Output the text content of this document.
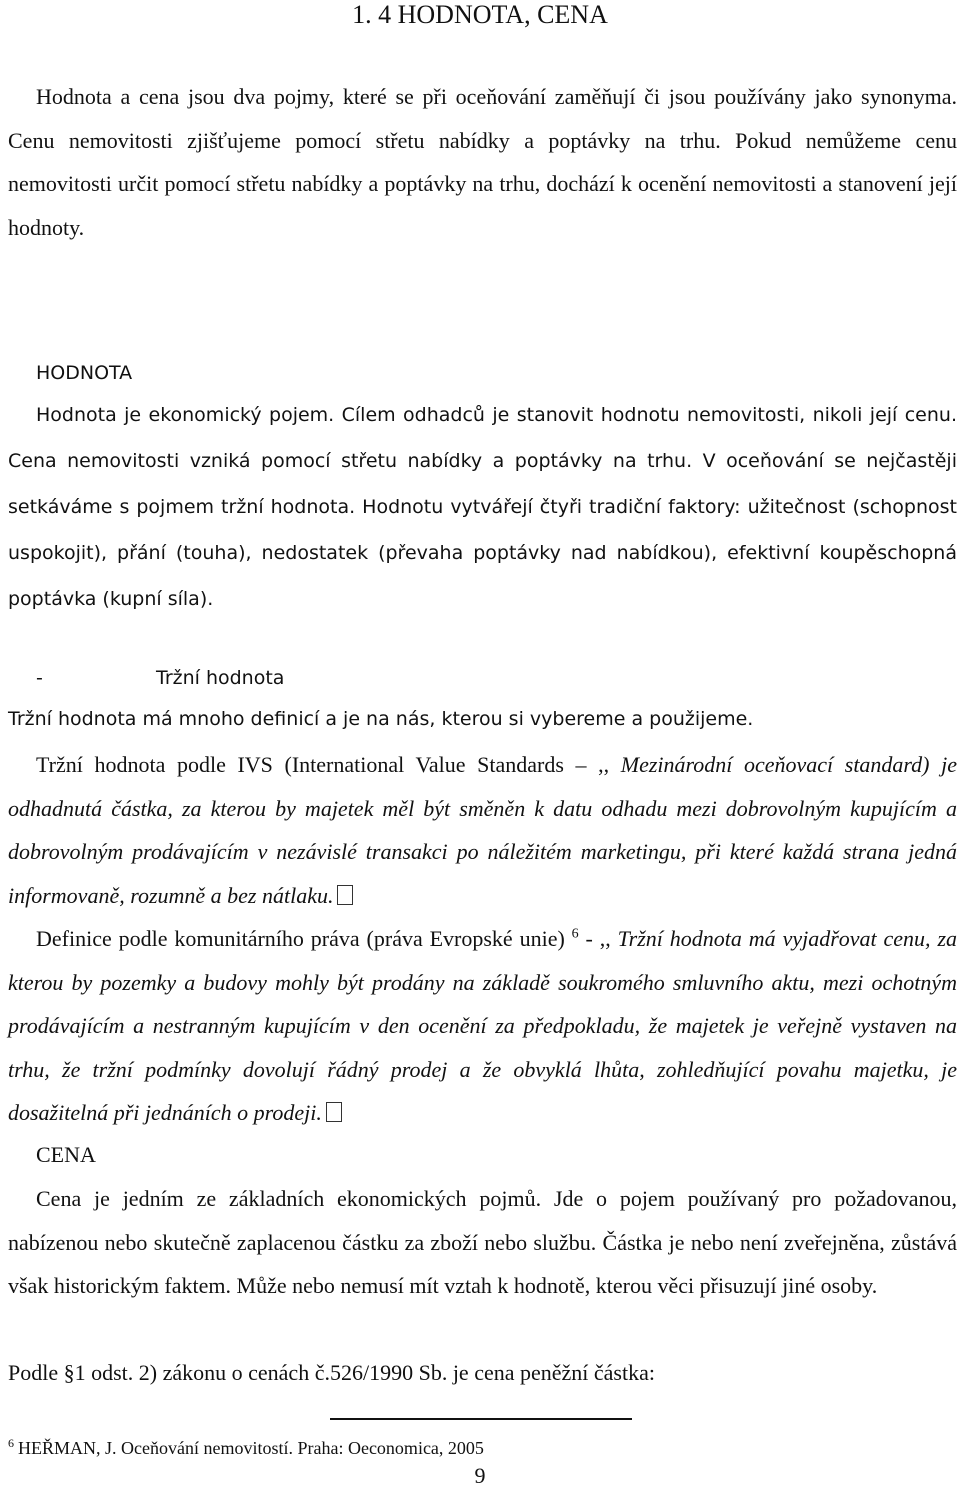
1. 4 HODNOTA, CENA

Hodnota a cena jsou dva pojmy, které se při oceňování zaměňují či jsou používány jako synonyma. Cenu nemovitosti zjišťujeme pomocí střetu nabídky a poptávky na trhu. Pokud nemůžeme cenu nemovitosti určit pomocí střetu nabídky a poptávky na trhu, dochází k ocenění nemovitosti a stanovení její hodnoty.

HODNOTA

Hodnota je ekonomický pojem. Cílem odhadců je stanovit hodnotu nemovitosti, nikoli její cenu. Cena nemovitosti vzniká pomocí střetu nabídky a poptávky na trhu. V oceňování se nejčastěji setkáváme s pojmem tržní hodnota. Hodnotu vytvářejí čtyři tradiční faktory: užitečnost (schopnost uspokojit), přání (touha), nedostatek (převaha poptávky nad nabídkou), efektivní koupěschopná poptávka (kupní síla).

-	Tržní hodnota
Tržní hodnota má mnoho definicí a je na nás, kterou si vybereme a použijeme.

Tržní hodnota podle IVS (International Value Standards – ,, Mezinárodní oceňovací standard) je odhadnutá částka, za kterou by majetek měl být směněn k datu odhadu mezi dobrovolným kupujícím a dobrovolným prodávajícím v nezávislé transakci po náležitém marketingu, při které každá strana jedná informovaně, rozumně a bez nátlaku.

Definice podle komunitárního práva (práva Evropské unie) $^6$ - ,, Tržní hodnota má vyjadřovat cenu, za kterou by pozemky a budovy mohly být prodány na základě soukromého smluvního aktu, mezi ochotným prodávajícím a nestranným kupujícím v den ocenění za předpokladu, že majetek je veřejně vystaven na trhu, že tržní podmínky dovolují řádný prodej a že obvyklá lhůta, zohledňující povahu majetku, je dosažitelná při jednáních o prodeji.

CENA

Cena je jedním ze základních ekonomických pojmů. Jde o pojem používaný pro požadovanou, nabízenou nebo skutečně zaplacenou částku za zboží nebo službu. Částka je nebo není zveřejněna, zůstává však historickým faktem. Může nebo nemusí mít vztah k hodnotě, kterou věci přisuzují jiné osoby.

Podle §1 odst. 2) zákonu o cenách č.526/1990 Sb. je cena peněžní částka:
$^6$ HEŘMAN, J. Oceňování nemovitostí. Praha: Oeconomica, 2005
9
